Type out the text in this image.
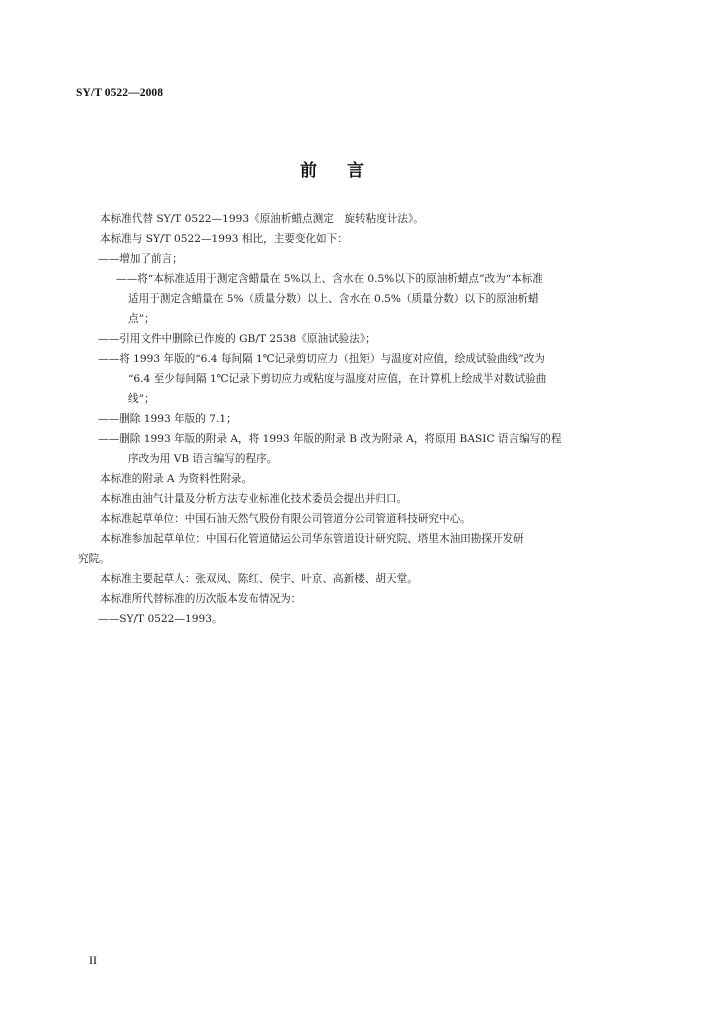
SY/T 0522—2008
前言
本标准代替 SY/T 0522—1993《原油析蜡点测定　旋转粘度计法》。
本标准与 SY/T 0522—1993 相比，主要变化如下：
——增加了前言；
——将“本标准适用于测定含蜡量在 5%以上、含水在 0.5%以下的原油析蜡点”改为“本标准
适用于测定含蜡量在 5%（质量分数）以上、含水在 0.5%（质量分数）以下的原油析蜡
点”；
——引用文件中删除已作废的 GB/T 2538《原油试验法》；
——将 1993 年版的“6.4 每间隔 1℃记录剪切应力（扭矩）与温度对应值，绘成试验曲线”改为
“6.4 至少每间隔 1℃记录下剪切应力或粘度与温度对应值，在计算机上绘成半对数试验曲
线”；
——删除 1993 年版的 7.1；
——删除 1993 年版的附录 A，将 1993 年版的附录 B 改为附录 A，将原用 BASIC 语言编写的程
序改为用 VB 语言编写的程序。
本标准的附录 A 为资料性附录。
本标准由油气计量及分析方法专业标准化技术委员会提出并归口。
本标准起草单位：中国石油天然气股份有限公司管道分公司管道科技研究中心。
本标准参加起草单位：中国石化管道储运公司华东管道设计研究院、塔里木油田勘探开发研
究院。
本标准主要起草人：张双凤、陈红、侯宇、叶京、高新楼、胡天堂。
本标准所代替标准的历次版本发布情况为：
——SY/T 0522—1993。
II
